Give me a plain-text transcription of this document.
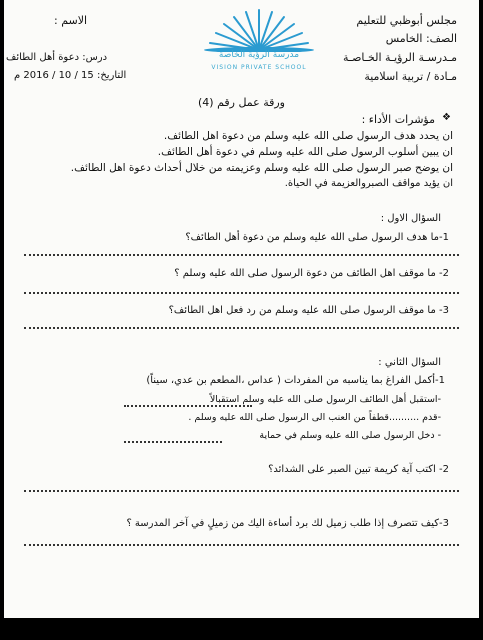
مجلس أبوظبي للتعليم
الصف: الخامس
مـدرسـة الرؤيـة الخـاصـة
مـادة / تربية اسلامية
الاسم :
درس: دعوة أهل الطائف
التاريخ: 15 / 10 / 2016 م
مدرسة الرؤية الخاصة
VISION PRIVATE SCHOOL
ورقة عمل رقم (4)
❖
مؤشرات الأداء :
ان يحدد هدف الرسول صلى الله عليه وسلم من دعوة اهل الطائف.
ان يبين أسلوب الرسول صلى الله عليه وسلم في دعوة أهل الطائف.
ان يوضح صبر الرسول صلى الله عليه وسلم وعزيمته من خلال أحداث دعوة اهل الطائف.
ان يؤيد مواقف الصبروالعزيمة في الحياة.
السؤال الاول :
1-ما هدف الرسول صلى الله عليه وسلم من دعوة أهل الطائف؟
2- ما موقف اهل الطائف من دعوة الرسول صلى الله عليه وسلم ؟
3- ما موقف الرسول صلى الله عليه وسلم من رد فعل اهل الطائف؟
السؤال الثاني :
1-أكمل الفراغ بما يناسبه من المفردات ( عداس ،المطعم بن عدي، سيناً)
-استقبل أهل الطائف الرسول صلى الله عليه وسلم استقبالاً
-قدم ..........قطفاً من العنب الى الرسول صلى الله عليه وسلم .
- دخل الرسول صلى الله عليه وسلم في حماية
2- اكتب آية كريمة تبين الصبر على الشدائد؟
3-كيف تتصرف إذا طلب زميل لك برد أساءة اليك من زميلٍ في آخر المدرسة ؟
